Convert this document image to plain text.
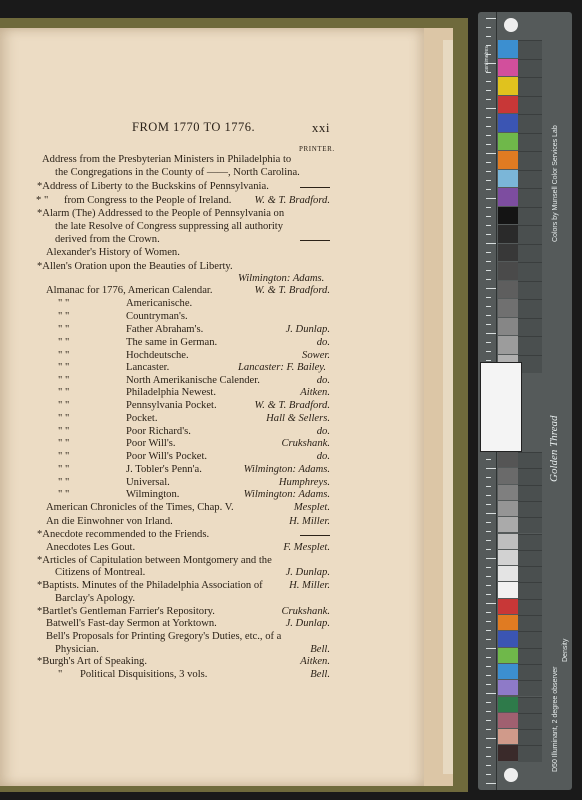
FROM 1770 TO 1776.	xxi
PRINTER.
Address from the Presbyterian Ministers in Philadelphia to
the Congregations in the County of ——, North Carolina.
*Address of Liberty to the Buckskins of Pennsylvania.
* " from Congress to the People of Ireland. W. & T. Bradford.
*Alarm (The) Addressed to the People of Pennsylvania on
the late Resolve of Congress suppressing all authority
derived from the Crown.
Alexander's History of Women.
*Allen's Oration upon the Beauties of Liberty.
Wilmington: Adams.
Almanac for 1776, American Calendar.	W. & T. Bradford.
" "	Americanische.
" "	Countryman's.
" "	Father Abraham's.	J. Dunlap.
" "	The same in German.	do.
" "	Hochdeutsche.	Sower.
" "	Lancaster.	Lancaster: F. Bailey.
" "	North Amerikanische Calender.	do.
" "	Philadelphia Newest.	Aitken.
" "	Pennsylvania Pocket.	W. & T. Bradford.
" "	Pocket.	Hall & Sellers.
" "	Poor Richard's.	do.
" "	Poor Will's.	Crukshank.
" "	Poor Will's Pocket.	do.
" "	J. Tobler's Penn'a.	Wilmington: Adams.
" "	Universal.	Humphreys.
" "	Wilmington.	Wilmington: Adams.
American Chronicles of the Times, Chap. V.	Mesplet.
An die Einwohner von Irland.	H. Miller.
*Anecdote recommended to the Friends.
Anecdotes Les Gout.	F. Mesplet.
*Articles of Capitulation between Montgomery and the
Citizens of Montreal.	J. Dunlap.
*Baptists. Minutes of the Philadelphia Association of H. Miller.
Barclay's Apology.
*Bartlet's Gentleman Farrier's Repository.	Crukshank.
Batwell's Fast-day Sermon at Yorktown.	J. Dunlap.
Bell's Proposals for Printing Gregory's Duties, etc., of a
Physician.	Bell.
*Burgh's Art of Speaking.	Aitken.
" Political Disquisitions, 3 vols.	Bell.
Colors by Munsell Color Services Lab
Golden Thread
D50 Illuminant, 2 degree observer
Density
centimetres
